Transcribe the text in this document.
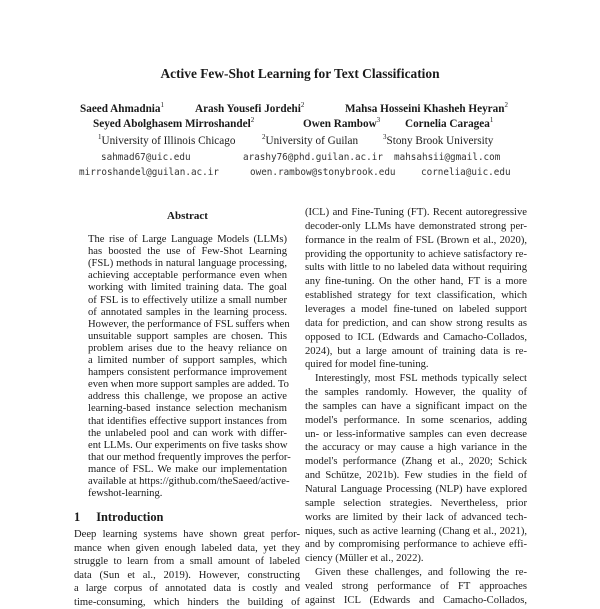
Active Few-Shot Learning for Text Classification
Saeed Ahmadnia$^1$	Arash Yousefi Jordehi$^2$	Mahsa Hosseini Khasheh Heyran$^2$
Seyed Abolghasem Mirroshandel$^2$	Owen Rambow$^3$ Cornelia Caragea$^1$
$^1$University of Illinois Chicago	$^2$University of Guilan	$^3$Stony Brook University
sahmad67@uic.edu	arashy76@phd.guilan.ac.ir mahsahsii@gmail.com
mirroshandel@guilan.ac.ir	owen.rambow@stonybrook.edu	cornelia@uic.edu
Abstract
The rise of Large Language Models (LLMs)
has boosted the use of Few-Shot Learning
(FSL) methods in natural language processing,
achieving acceptable performance even when
working with limited training data. The goal
of FSL is to effectively utilize a small number
of annotated samples in the learning process.
However, the performance of FSL suffers when
unsuitable support samples are chosen. This
problem arises due to the heavy reliance on
a limited number of support samples, which
hampers consistent performance improvement
even when more support samples are added. To
address this challenge, we propose an active
learning-based instance selection mechanism
that identifies effective support instances from
the unlabeled pool and can work with differ-
ent LLMs. Our experiments on five tasks show
that our method frequently improves the perfor-
mance of FSL. We make our implementation
available at https://github.com/theSaeed/active-
fewshot-learning.
1 Introduction
Deep learning systems have shown great perfor-
mance when given enough labeled data, yet they
struggle to learn from a small amount of labeled
data (Sun et al., 2019). However, constructing
a large corpus of annotated data is costly and
time-consuming, which hinders the building of
(ICL) and Fine-Tuning (FT). Recent autoregressive
decoder-only LLMs have demonstrated strong per-
formance in the realm of FSL (Brown et al., 2020),
providing the opportunity to achieve satisfactory re-
sults with little to no labeled data without requiring
any fine-tuning. On the other hand, FT is a more
established strategy for text classification, which
leverages a model fine-tuned on labeled support
data for prediction, and can show strong results as
opposed to ICL (Edwards and Camacho-Collados,
2024), but a large amount of training data is re-
quired for model fine-tuning.
Interestingly, most FSL methods typically select
the samples randomly. However, the quality of
the samples can have a significant impact on the
model's performance. In some scenarios, adding
un- or less-informative samples can even decrease
the accuracy or may cause a high variance in the
model's performance (Zhang et al., 2020; Schick
and Schütze, 2021b). Few studies in the field of
Natural Language Processing (NLP) have explored
sample selection strategies. Nevertheless, prior
works are limited by their lack of advanced tech-
niques, such as active learning (Chang et al., 2021),
and by compromising performance to achieve effi-
ciency (Müller et al., 2022).
Given these challenges, and following the re-
vealed strong performance of FT approaches
against ICL (Edwards and Camacho-Collados,
